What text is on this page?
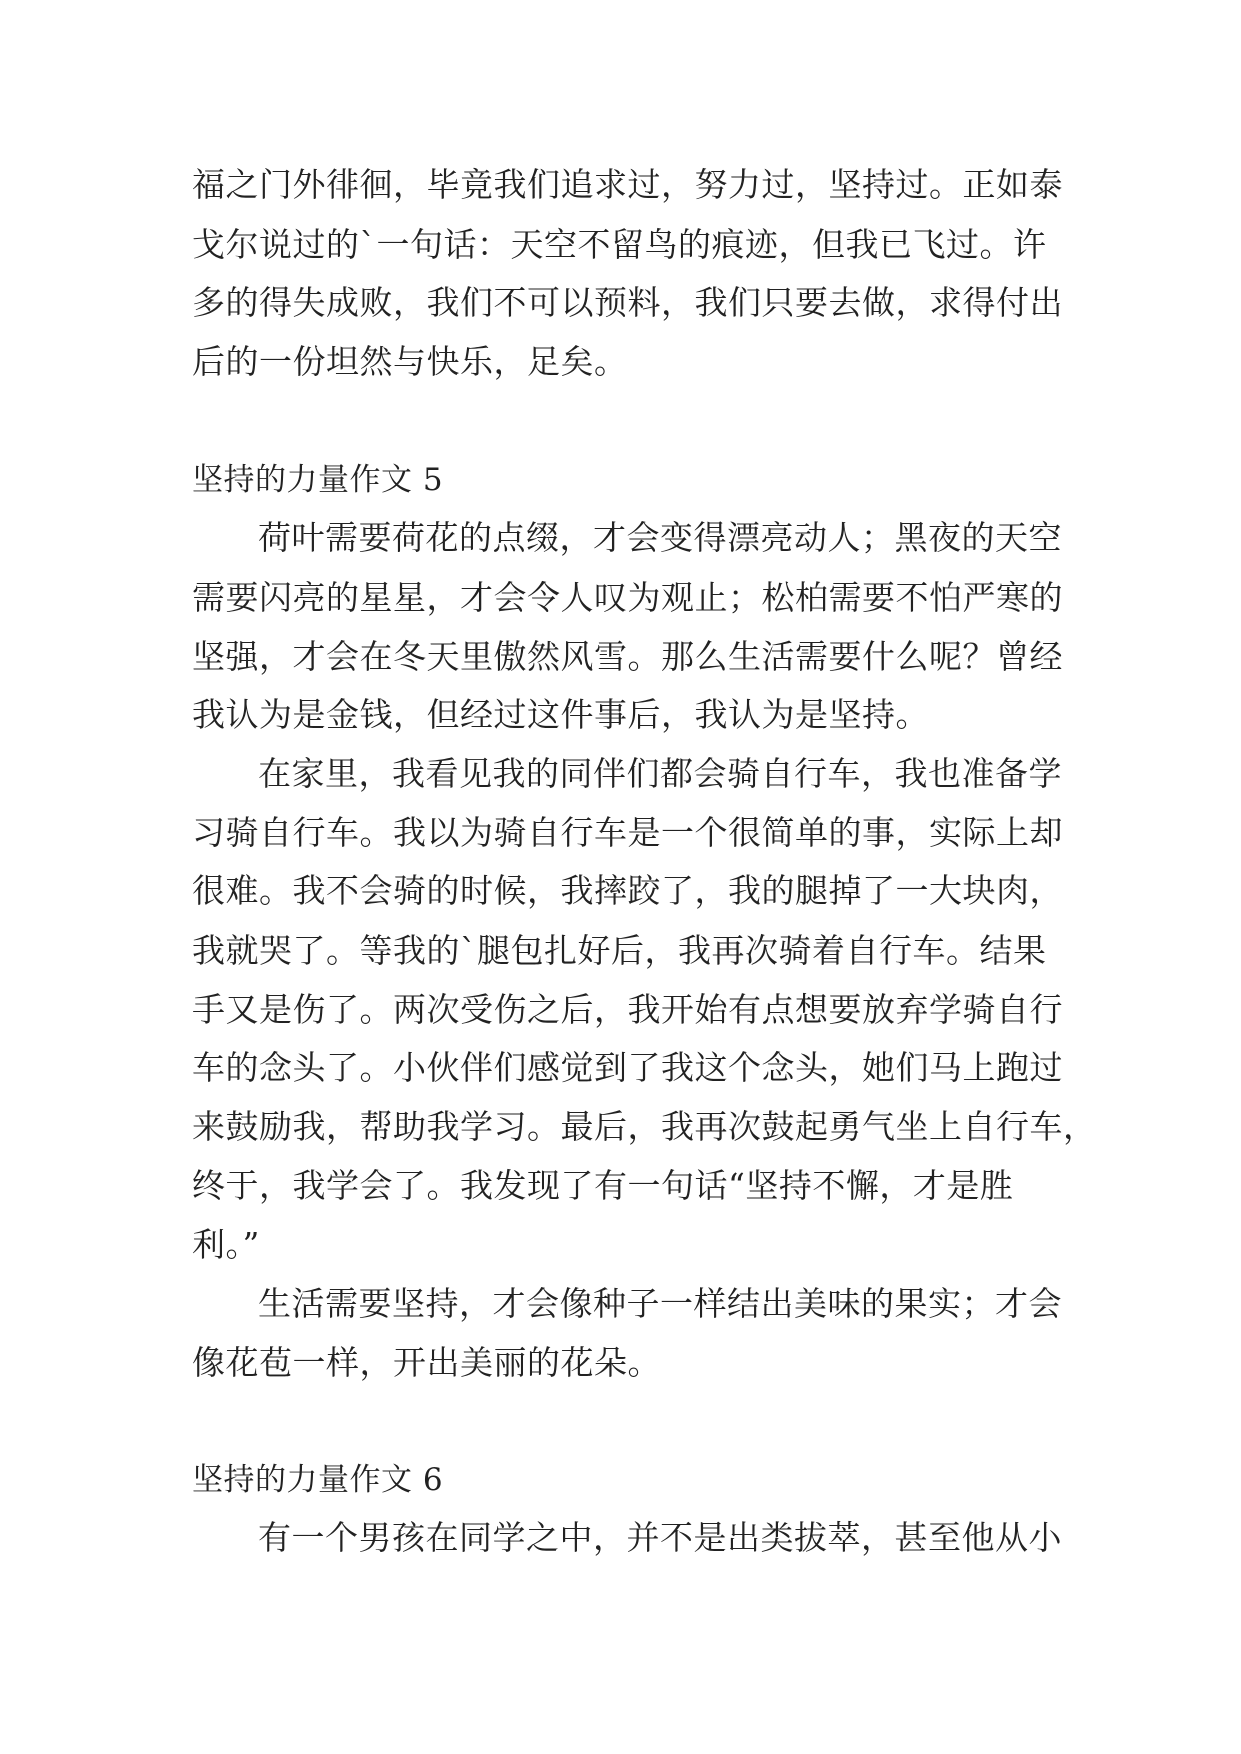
福之门外徘徊，毕竟我们追求过，努力过，坚持过。正如泰
戈尔说过的`一句话：天空不留鸟的痕迹，但我已飞过。许
多的得失成败，我们不可以预料，我们只要去做，求得付出
后的一份坦然与快乐，足矣。
坚持的力量作文 5
荷叶需要荷花的点缀，才会变得漂亮动人；黑夜的天空
需要闪亮的星星，才会令人叹为观止；松柏需要不怕严寒的
坚强，才会在冬天里傲然风雪。那么生活需要什么呢？曾经
我认为是金钱，但经过这件事后，我认为是坚持。
在家里，我看见我的同伴们都会骑自行车，我也准备学
习骑自行车。我以为骑自行车是一个很简单的事，实际上却
很难。我不会骑的时候，我摔跤了，我的腿掉了一大块肉，
我就哭了。等我的`腿包扎好后，我再次骑着自行车。结果
手又是伤了。两次受伤之后，我开始有点想要放弃学骑自行
车的念头了。小伙伴们感觉到了我这个念头，她们马上跑过
来鼓励我，帮助我学习。最后，我再次鼓起勇气坐上自行车，
终于，我学会了。我发现了有一句话“坚持不懈，才是胜
利。”
生活需要坚持，才会像种子一样结出美味的果实；才会
像花苞一样，开出美丽的花朵。
坚持的力量作文 6
有一个男孩在同学之中，并不是出类拔萃，甚至他从小
